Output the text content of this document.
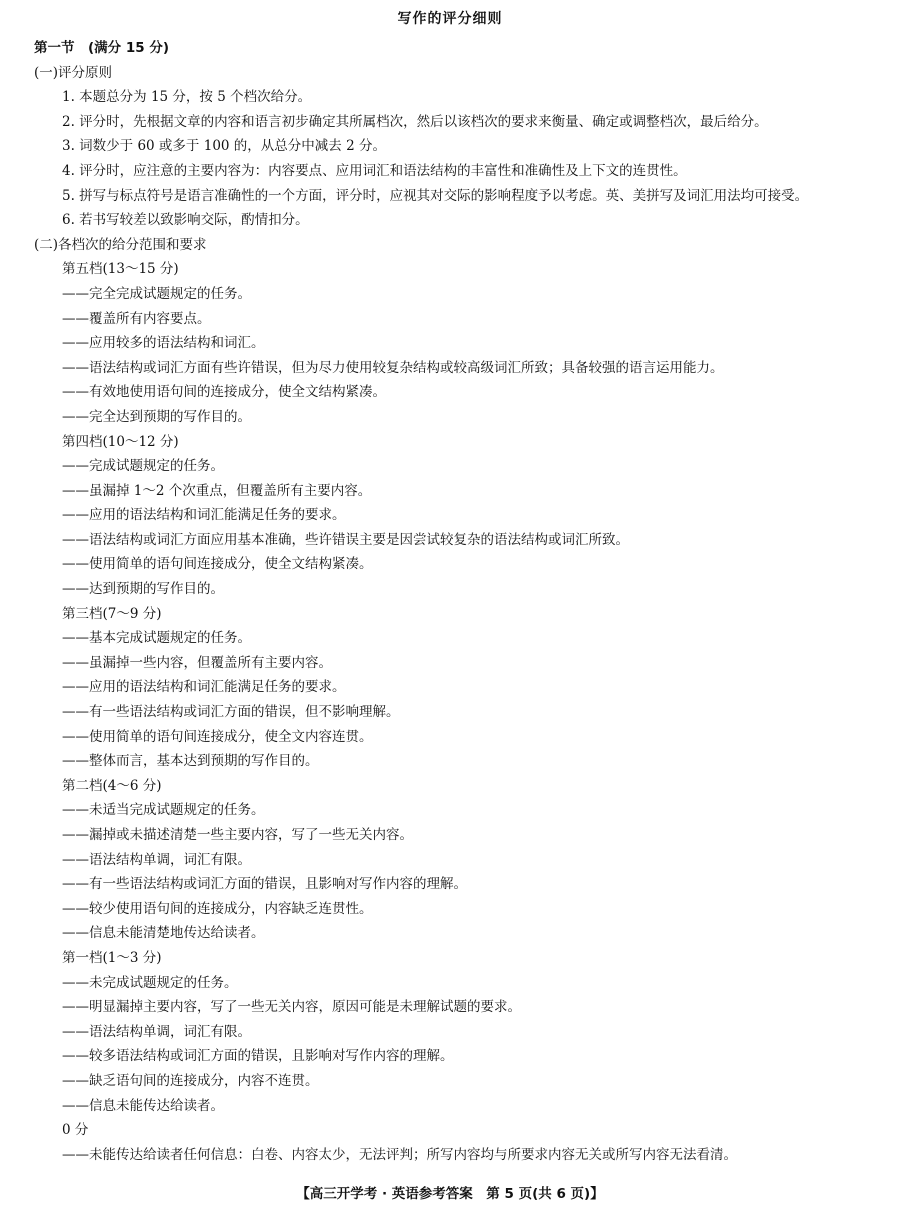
写作的评分细则
第一节　(满分 15 分)
(一)评分原则
1. 本题总分为 15 分，按 5 个档次给分。
2. 评分时，先根据文章的内容和语言初步确定其所属档次，然后以该档次的要求来衡量、确定或调整档次，最后给分。
3. 词数少于 60 或多于 100 的，从总分中减去 2 分。
4. 评分时，应注意的主要内容为：内容要点、应用词汇和语法结构的丰富性和准确性及上下文的连贯性。
5. 拼写与标点符号是语言准确性的一个方面，评分时，应视其对交际的影响程度予以考虑。英、美拼写及词汇用法均可接受。
6. 若书写较差以致影响交际，酌情扣分。
(二)各档次的给分范围和要求
第五档(13～15 分)
——完全完成试题规定的任务。
——覆盖所有内容要点。
——应用较多的语法结构和词汇。
——语法结构或词汇方面有些许错误，但为尽力使用较复杂结构或较高级词汇所致；具备较强的语言运用能力。
——有效地使用语句间的连接成分，使全文结构紧凑。
——完全达到预期的写作目的。
第四档(10～12 分)
——完成试题规定的任务。
——虽漏掉 1～2 个次重点，但覆盖所有主要内容。
——应用的语法结构和词汇能满足任务的要求。
——语法结构或词汇方面应用基本准确，些许错误主要是因尝试较复杂的语法结构或词汇所致。
——使用简单的语句间连接成分，使全文结构紧凑。
——达到预期的写作目的。
第三档(7～9 分)
——基本完成试题规定的任务。
——虽漏掉一些内容，但覆盖所有主要内容。
——应用的语法结构和词汇能满足任务的要求。
——有一些语法结构或词汇方面的错误，但不影响理解。
——使用简单的语句间连接成分，使全文内容连贯。
——整体而言，基本达到预期的写作目的。
第二档(4～6 分)
——未适当完成试题规定的任务。
——漏掉或未描述清楚一些主要内容，写了一些无关内容。
——语法结构单调，词汇有限。
——有一些语法结构或词汇方面的错误，且影响对写作内容的理解。
——较少使用语句间的连接成分，内容缺乏连贯性。
——信息未能清楚地传达给读者。
第一档(1～3 分)
——未完成试题规定的任务。
——明显漏掉主要内容，写了一些无关内容，原因可能是未理解试题的要求。
——语法结构单调，词汇有限。
——较多语法结构或词汇方面的错误，且影响对写作内容的理解。
——缺乏语句间的连接成分，内容不连贯。
——信息未能传达给读者。
0 分
——未能传达给读者任何信息：白卷、内容太少，无法评判；所写内容均与所要求内容无关或所写内容无法看清。
【高三开学考 · 英语参考答案　第 5 页(共 6 页)】
